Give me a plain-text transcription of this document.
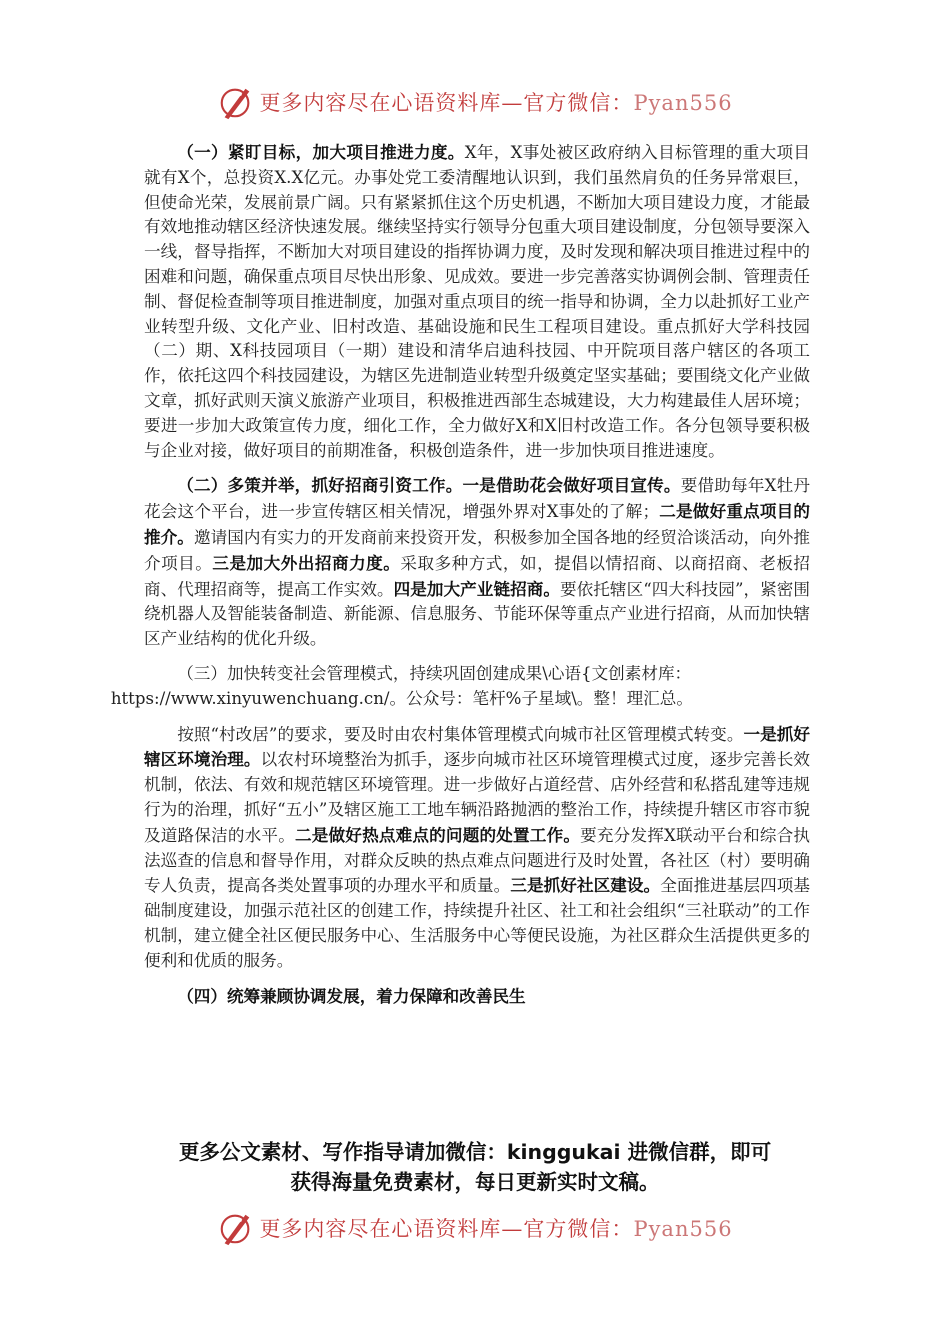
更多内容尽在心语资料库—官方微信：Pyan556

（一）紧盯目标，加大项目推进力度。X年，X事处被区政府纳入目标管理的重大项目就有X个，总投资X.X亿元。办事处党工委清醒地认识到，我们虽然肩负的任务异常艰巨，但使命光荣，发展前景广阔。只有紧紧抓住这个历史机遇，不断加大项目建设力度，才能最有效地推动辖区经济快速发展。继续坚持实行领导分包重大项目建设制度，分包领导要深入一线，督导指挥，不断加大对项目建设的指挥协调力度，及时发现和解决项目推进过程中的困难和问题，确保重点项目尽快出形象、见成效。要进一步完善落实协调例会制、管理责任制、督促检查制等项目推进制度，加强对重点项目的统一指导和协调，全力以赴抓好工业产业转型升级、文化产业、旧村改造、基础设施和民生工程项目建设。重点抓好大学科技园（二）期、X科技园项目（一期）建设和清华启迪科技园、中开院项目落户辖区的各项工作，依托这四个科技园建设，为辖区先进制造业转型升级奠定坚实基础；要围绕文化产业做文章，抓好武则天演义旅游产业项目，积极推进西部生态城建设，大力构建最佳人居环境；要进一步加大政策宣传力度，细化工作，全力做好X和X旧村改造工作。各分包领导要积极与企业对接，做好项目的前期准备，积极创造条件，进一步加快项目推进速度。

（二）多策并举，抓好招商引资工作。一是借助花会做好项目宣传。要借助每年X牡丹花会这个平台，进一步宣传辖区相关情况，增强外界对X事处的了解；二是做好重点项目的推介。邀请国内有实力的开发商前来投资开发，积极参加全国各地的经贸洽谈活动，向外推介项目。三是加大外出招商力度。采取多种方式，如，提倡以情招商、以商招商、老板招商、代理招商等，提高工作实效。四是加大产业链招商。要依托辖区“四大科技园”，紧密围绕机器人及智能装备制造、新能源、信息服务、节能环保等重点产业进行招商，从而加快辖区产业结构的优化升级。

（三）加快转变社会管理模式，持续巩固创建成果\心语{文创素材库：
https://www.xinyuwenchuang.cn/。公众号：笔杆%子星域\。整！理汇总。

按照“村改居”的要求，要及时由农村集体管理模式向城市社区管理模式转变。一是抓好辖区环境治理。以农村环境整治为抓手，逐步向城市社区环境管理模式过度，逐步完善长效机制，依法、有效和规范辖区环境管理。进一步做好占道经营、店外经营和私搭乱建等违规行为的治理，抓好“五小”及辖区施工工地车辆沿路抛洒的整治工作，持续提升辖区市容市貌及道路保洁的水平。二是做好热点难点的问题的处置工作。要充分发挥X联动平台和综合执法巡查的信息和督导作用，对群众反映的热点难点问题进行及时处置，各社区（村）要明确专人负责，提高各类处置事项的办理水平和质量。三是抓好社区建设。全面推进基层四项基础制度建设，加强示范社区的创建工作，持续提升社区、社工和社会组织“三社联动”的工作机制，建立健全社区便民服务中心、生活服务中心等便民设施，为社区群众生活提供更多的便利和优质的服务。

（四）统筹兼顾协调发展，着力保障和改善民生

更多公文素材、写作指导请加微信：kinggukai 进微信群，即可
获得海量免费素材，每日更新实时文稿。
更多内容尽在心语资料库—官方微信：Pyan556
